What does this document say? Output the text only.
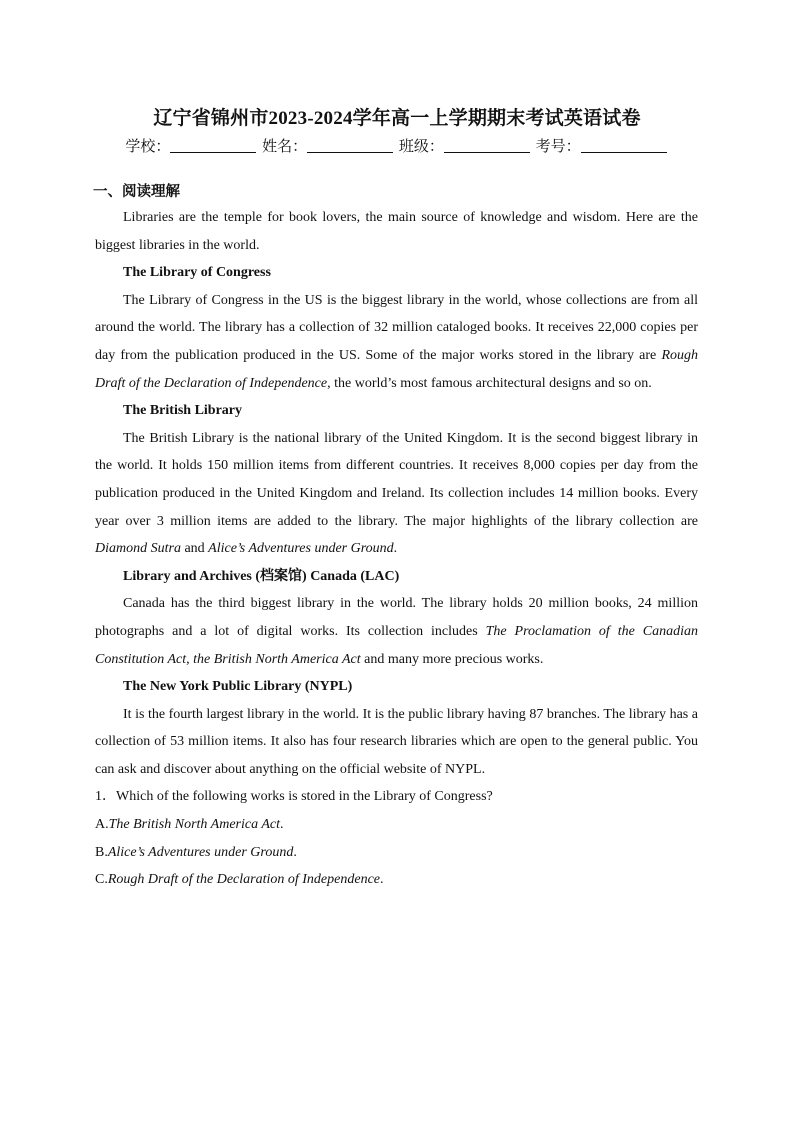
辽宁省锦州市2023-2024学年高一上学期期末考试英语试卷
学校：	姓名：	班级：	考号：
一、阅读理解

Libraries are the temple for book lovers, the main source of knowledge and wisdom. Here are the biggest libraries in the world.

The Library of Congress

The Library of Congress in the US is the biggest library in the world, whose collections are from all around the world. The library has a collection of 32 million cataloged books. It receives 22,000 copies per day from the publication produced in the US. Some of the major works stored in the library are Rough Draft of the Declaration of Independence, the world’s most famous architectural designs and so on.

The British Library

The British Library is the national library of the United Kingdom. It is the second biggest library in the world. It holds 150 million items from different countries. It receives 8,000 copies per day from the publication produced in the United Kingdom and Ireland. Its collection includes 14 million books. Every year over 3 million items are added to the library. The major highlights of the library collection are Diamond Sutra and Alice’s Adventures under Ground.

Library and Archives (档案馆) Canada (LAC)

Canada has the third biggest library in the world. The library holds 20 million books, 24 million photographs and a lot of digital works. Its collection includes The Proclamation of the Canadian Constitution Act, the British North America Act and many more precious works.

The New York Public Library (NYPL)

It is the fourth largest library in the world. It is the public library having 87 branches. The library has a collection of 53 million items. It also has four research libraries which are open to the general public. You can ask and discover about anything on the official website of NYPL.

1．Which of the following works is stored in the Library of Congress?
A.The British North America Act.
B.Alice’s Adventures under Ground.
C.Rough Draft of the Declaration of Independence.
